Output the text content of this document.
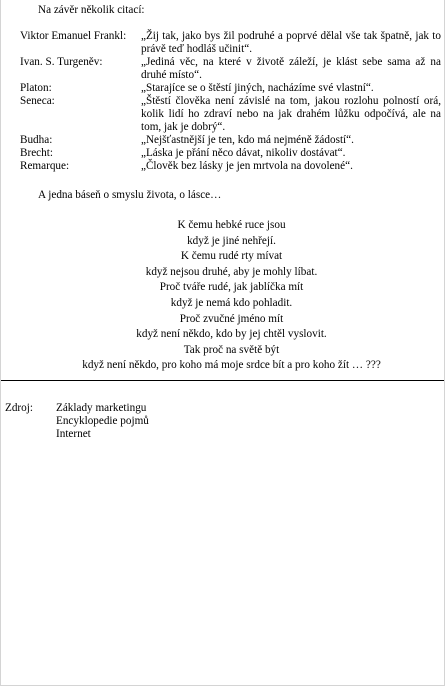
Na závěr několik citací:
Viktor Emanuel Frankl:	„Žij tak, jako bys žil podruhé a poprvé dělal vše tak špatně, jak to právě teď hodláš učinit“.
Ivan. S. Turgeněv:	„Jediná věc, na které v životě záleží, je klást sebe sama až na druhé místo“.
Platon:	„Starajíce se o štěstí jiných, nacházíme své vlastní“.
Seneca:	„Štěstí člověka není závislé na tom, jakou rozlohu polností orá, kolik lidí ho zdraví nebo na jak drahém lůžku odpočívá, ale na tom, jak je dobrý“.
Budha:	„Nejšťastnější je ten, kdo má nejméně žádostí“.
Brecht:	„Láska je přání něco dávat, nikoliv dostávat“.
Remarque:	„Člověk bez lásky je jen mrtvola na dovolené“.
A jedna báseň o smyslu života, o lásce…
K čemu hebké ruce jsou
když je jiné nehřejí.
K čemu rudé rty mívat
když nejsou druhé, aby je mohly líbat.
Proč tváře rudé, jak jablíčka mít
když je nemá kdo pohladit.
Proč zvučné jméno mít
když není někdo, kdo by jej chtěl vyslovit.
Tak proč na světě být
když není někdo, pro koho má moje srdce bít a pro koho žít … ???
Zdroj:	Základy marketingu
Encyklopedie pojmů
Internet
